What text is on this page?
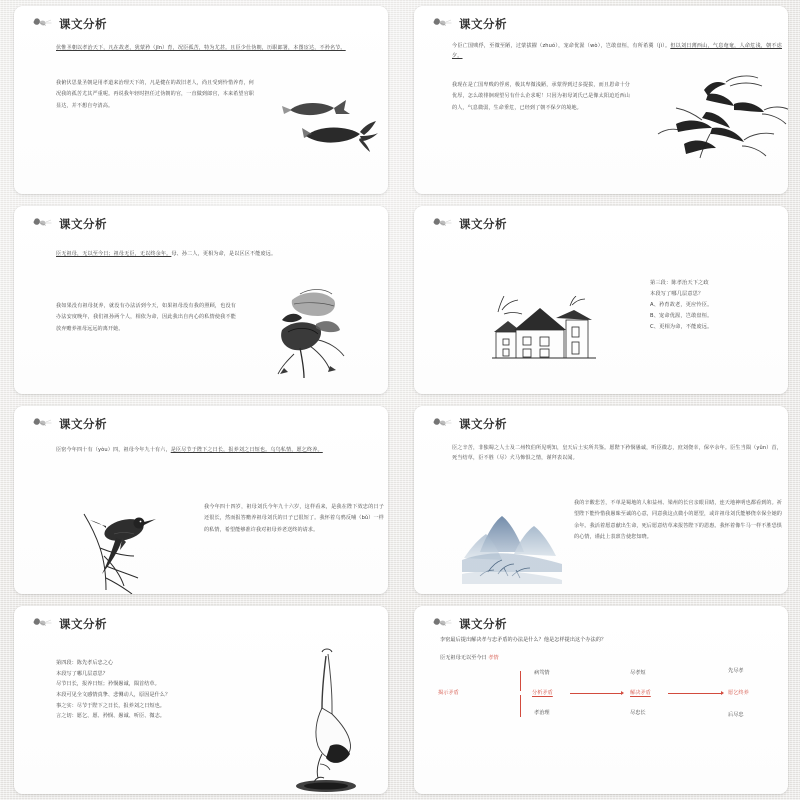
课文分析
伏惟圣朝以孝治天下，凡在故老，犹蒙矜（jīn）育，况臣孤苦，特为尤甚。且臣少仕伪朝，历职郎署，本图宦达，不矜名节。
我俯伏思量圣朝是用孝道来治理天下的，凡是健在的故旧老人，尚且受到怜惜养育，何况我的孤苦尤其严重呢。再说我年轻时担任过伪朝的官，一直做到郎官，本来希望官职显达，并不想自夸清高。
课文分析
今臣亡国贱俘，至微至陋，过蒙拔擢（zhuó），宠命优渥（wò），岂敢盘桓，有所希冀（jì）。但以刘日薄西山，气息奄奄，人命危浅，朝不虑夕。
我现在是亡国卑贱的俘虏，极其卑微浅陋，承蒙得到过多提拔，而且恩命十分优厚，怎么敢徘徊观望另有什么企求呢！只因为祖母刘氏已是像太阳迫近西山的人，气息微弱，生命垂危，已经到了朝不保夕的境地。
课文分析
臣无祖母，无以至今日；祖母无臣，无以终余年。母、孙二人，更相为命，是以区区不能废远。
我如果没有祖母抚养，就没有办法活到今天，如果祖母没有我的照顾，也没有办法安度晚年，我们祖孙两个人，相依为命，因此我出自内心的私情使我不能放弃赡养祖母远远的离开她。
课文分析
第三段：陈孝治天下之政
本段写了哪几层意思？
A、矜育故老，更应怜臣。
B、宠命优渥，岂敢盘桓。
C、更相为命，不能废远。
课文分析
臣密今年四十有（yòu）四，祖母今年九十有六，是臣尽节于陛下之日长，报养刘之日短也。乌鸟私情，愿乞终养。
我今年四十四岁，祖母刘氏今年九十六岁，这样看来，是我在陛下效忠的日子还很长，然而报答赡养祖母刘氏的日子已很短了。我怀着乌鸦反哺（bǔ）一样的私情，希望能够准许我对祖母养老送终的请求。
课文分析
臣之辛苦，非独蜀之人士及二州牧伯所见明知，皇天后土实所共鉴。愿陛下矜悯愚诚，听臣微志，庶刘侥幸，保卒余年。臣生当陨（yǔn）首，死当结草，臣不胜（尽）犬马怖惧之情，谨拜表以闻。
我的辛酸悲苦，不单是蜀地的人和益州、梁州的长官亲眼目睹，连天地神明也都看到的。祈望陛下能怜惜我愚昧至诚的心意，同意我这点微小的愿望，或许祖母刘氏能够侥幸保全她的余年。我活着愿意献出生命，死后愿意结草来报答陛下的恩惠。我怀着像牛马一样不胜恐惧的心情，谨此上表禀告使您知晓。
课文分析
第四段：陈先孝后忠之心
本段写了哪几层意思？
尽节日长，报养日短；矜悯愚诚，陨首结草。
本段可见全文感情真挚、悲恻动人，原因是什么？
事之实：尽节于陛下之日长，报养刘之日短也。
言之切：愿乞、愿、矜悯、愚诚、听臣、微志。
课文分析
李密最后提出解决孝与忠矛盾的办法是什么？他是怎样提出这个办法的？
臣无祖母无以至今日 孝情
揭示矛盾	分析矛盾	解决矛盾	愿乞终养
病笃情	尽孝短	先尽孝
孝治理	尽忠长	后尽忠
